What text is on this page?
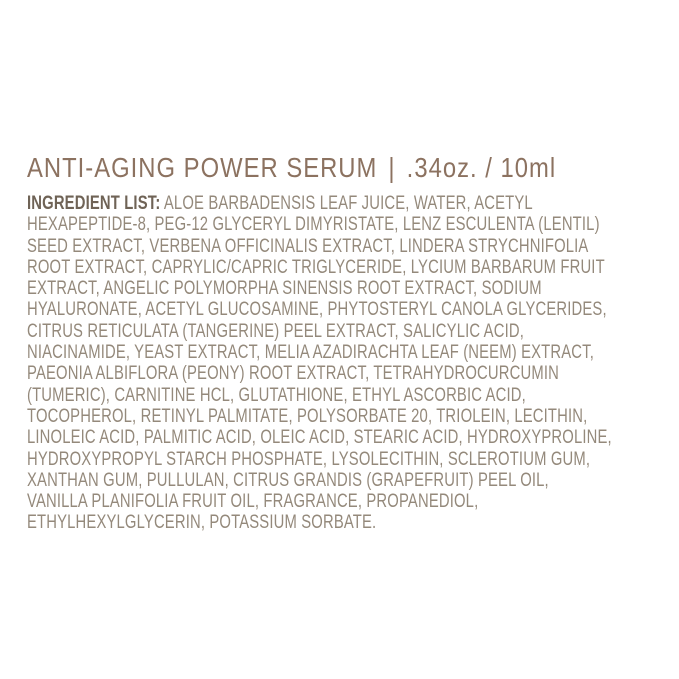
ANTI-AGING POWER SERUM | .34oz. / 10ml
INGREDIENT LIST: ALOE BARBADENSIS LEAF JUICE, WATER, ACETYL
HEXAPEPTIDE-8, PEG-12 GLYCERYL DIMYRISTATE, LENZ ESCULENTA (LENTIL)
SEED EXTRACT, VERBENA OFFICINALIS EXTRACT, LINDERA STRYCHNIFOLIA
ROOT EXTRACT, CAPRYLIC/CAPRIC TRIGLYCERIDE, LYCIUM BARBARUM FRUIT
EXTRACT, ANGELIC POLYMORPHA SINENSIS ROOT EXTRACT, SODIUM
HYALURONATE, ACETYL GLUCOSAMINE, PHYTOSTERYL CANOLA GLYCERIDES,
CITRUS RETICULATA (TANGERINE) PEEL EXTRACT, SALICYLIC ACID,
NIACINAMIDE, YEAST EXTRACT, MELIA AZADIRACHTA LEAF (NEEM) EXTRACT,
PAEONIA ALBIFLORA (PEONY) ROOT EXTRACT, TETRAHYDROCURCUMIN
(TUMERIC), CARNITINE HCL, GLUTATHIONE, ETHYL ASCORBIC ACID,
TOCOPHEROL, RETINYL PALMITATE, POLYSORBATE 20, TRIOLEIN, LECITHIN,
LINOLEIC ACID, PALMITIC ACID, OLEIC ACID, STEARIC ACID, HYDROXYPROLINE,
HYDROXYPROPYL STARCH PHOSPHATE, LYSOLECITHIN, SCLEROTIUM GUM,
XANTHAN GUM, PULLULAN, CITRUS GRANDIS (GRAPEFRUIT) PEEL OIL,
VANILLA PLANIFOLIA FRUIT OIL, FRAGRANCE, PROPANEDIOL,
ETHYLHEXYLGLYCERIN, POTASSIUM SORBATE.
